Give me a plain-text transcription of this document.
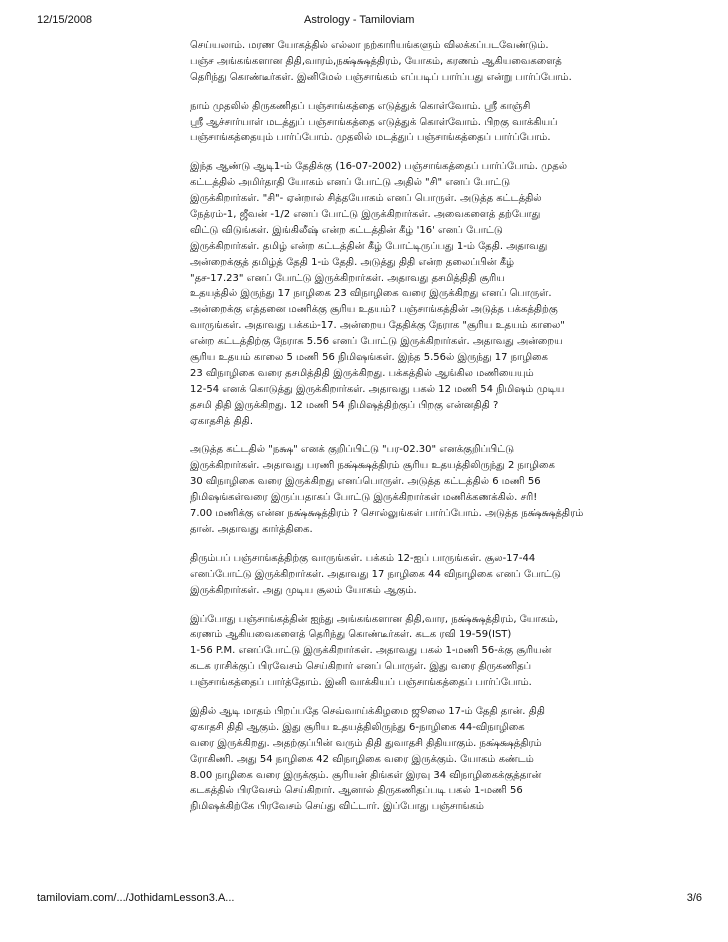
12/15/2008	Astrology - Tamiloviam
செய்யலாம். மரண யோகத்தில் எல்லா நற்காரியங்களும் விலக்கப்படவேண்டும்.
பஞ்ச அங்கங்களான திதி,வாரம்,நக்ஷ்க்ஷத்திரம், யோகம், கரணம் ஆகியவைகளைத்
தெரிந்து கொண்டீர்கள். இனிமேல் பஞ்சாங்கம் எப்படிப் பார்ப்பது என்று பார்ப்போம்.
நாம் முதலில் திருகணிதப் பஞ்சாங்கத்தை எடுத்துக் கொள்வோம். ஸ்ரீ காஞ்சி
ஸ்ரீ ஆச்சார்யாள் மடத்துப் பஞ்சாங்கத்தை எடுத்துக் கொள்வோம். பிறகு வாக்கியப்
பஞ்சாங்கத்தையும் பார்ப்போம். முதலில் மடத்துப் பஞ்சாங்கத்தைப் பார்ப்போம்.
இந்த ஆண்டு ஆடி1-ம் தேதிக்கு (16-07-2002) பஞ்சாங்கத்தைப் பார்ப்போம். முதல்
கட்டத்தில் அமிர்தாதி யோகம் எனப் போட்டு அதில் "சி" எனப் போட்டு
இருக்கிறார்கள். "சி"- ஏன்றால் சித்தயோகம் எனப் பொருள். அடுத்த கட்டத்தில்
நேத்ரம்-1, ஜீவன் -1/2 எனப் போட்டு இருக்கிறார்கள். அவைகளைத் தற்போது
விட்டு விடுங்கள். இங்கிலீஷ் என்ற கட்டத்தின் கீழ் '16' எனப் போட்டு
இருக்கிறார்கள். தமிழ் என்ற கட்டத்தின் கீழ் போட்டிருப்பது 1-ம் தேதி. அதாவது
அன்றைக்குத் தமிழ்த் தேதி 1-ம் தேதி. அடுத்து திதி என்ற தலைப்பின் கீழ்
"தச-17.23" எனப் போட்டு இருக்கிறார்கள். அதாவது தசமித்திதி சூரிய
உதயத்தில் இருந்து 17 நாழிகை 23 விநாழிகை வரை இருக்கிறது எனப் பொருள்.
அன்றைக்கு எத்தனை மணிக்கு சூரிய உதயம்? பஞ்சாங்கத்தின் அடுத்த பக்கத்திற்கு
வாருங்கள். அதாவது பக்கம்-17. அன்றைய தேதிக்கு நேராக "சூரிய உதயம் காலை"
என்ற கட்டத்திற்கு நேராக 5.56 எனப் போட்டு இருக்கிறார்கள். அதாவது அன்றைய
சூரிய உதயம் காலை 5 மணி 56 நிமிஷங்கள். இந்த 5.56ல் இருந்து 17 நாழிகை
23 விநாழிகை வரை தசமித்திதி இருக்கிறது. பக்கத்தில் ஆங்கில மணியையும்
12-54 எனக் கொடுத்து இருக்கிறார்கள். அதாவது பகல் 12 மணி 54 நிமிஷம் முடிய
தசமி திதி இருக்கிறது. 12 மணி 54 நிமிஷத்திற்குப் பிறகு என்னதிதி ?
ஏகாதசித் திதி.
அடுத்த கட்டதில் "நக்ஷ" எனக் குறிப்பிட்டு "பர-02.30" எனக்குறிப்பிட்டு
இருக்கிறார்கள். அதாவது பரணி நக்ஷ்க்ஷத்திரம் சூரிய உதயத்திலிருந்து 2 நாழிகை
30 விநாழிகை வரை இருக்கிறது எனப்பொருள். அடுத்த கட்டத்தில் 6 மணி 56
நிமிஷங்கள்வரை இருப்பதாகப் போட்டு இருக்கிறார்கள் மணிக்கணக்கில். சரி!
7.00 மணிக்கு என்ன நக்ஷ்க்ஷத்திரம் ? சொல்லுங்கள் பார்ப்போம். அடுத்த நக்ஷ்க்ஷத்திரம்
தான். அதாவது கார்த்திகை.
திரும்பப் பஞ்சாங்கத்திற்கு வாருங்கள். பக்கம் 12-ஐப் பாருங்கள். சூல-17-44
எனப்போட்டு இருக்கிறார்கள். அதாவது 17 நாழிகை 44 விநாழிகை எனப் போட்டு
இருக்கிறார்கள். அது முடிய சூலம் யோகம் ஆகும்.
இப்போது பஞ்சாங்கத்தின் ஐந்து அங்கங்களான திதி,வார, நக்ஷ்க்ஷத்திரம், யோகம்,
கரணம் ஆகியவைகளைத் தெரிந்து கொண்டீர்கள். கடக ரவி 19-59(IST)
1-56 P.M. எனப்போட்டு இருக்கிறார்கள். அதாவது பகல் 1-மணி 56-க்கு சூரியன்
கடக ராசிக்குப் பிரவேசம் செய்கிறார் எனப் பொருள். இது வரை திருகணிதப்
பஞ்சாங்கத்தைப் பார்த்தோம். இனி வாக்கியப் பஞ்சாங்கத்தைப் பார்ப்போம்.
இதில் ஆடி மாதம் பிறப்பதே செவ்வாய்க்கிழமை ஜூலை 17-ம் தேதி தான். திதி
ஏகாதசி திதி ஆகும். இது சூரிய உதயத்திலிருந்து 6-நாழிகை 44-விநாழிகை
வரை இருக்கிறது. அதற்குப்பின் வரும் திதி துவாதசி திதியாகும். நக்ஷ்க்ஷத்திரம்
ரோகிணி. அது 54 நாழிகை 42 விநாழிகை வரை இருக்கும். யோகம் கண்டம்
8.00 நாழிகை வரை இருக்கும். சூரியன் திங்கள் இரவு 34 விநாழிகைக்குத்தான்
கடகத்தில் பிரவேசம் செய்கிறார். ஆனால் திருகணிதப்படி பகல் 1-மணி 56
நிமிஷக்கிற்கே பிரவேசம் செய்து விட்டார். இப்போது பஞ்சாங்கம்
tamiloviam.com/.../JothidamLesson3.A...	3/6
